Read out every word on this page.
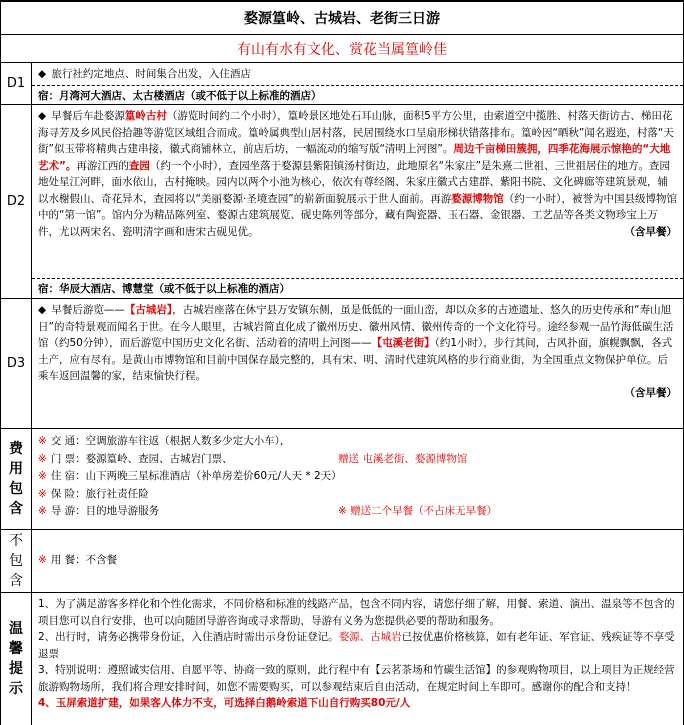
婺源篁岭、古城岩、老街三日游
有山有水有文化、赏花当属篁岭佳
D1
◆ 旅行社约定地点、时间集合出发，入住酒店
宿：月湾河大酒店、太古楼酒店（或不低于以上标准的酒店）
D2
◆ 早餐后车赴婺源篁岭古村（游览时间约二个小时），篁岭景区地处石耳山脉，面积5平方公里，由索道空中揽胜、村落天街访古、梯田花海寻芳及乡风民俗拾趣等游览区域组合而成。篁岭属典型山居村落，民居围绕水口呈扇形梯状错落排布。篁岭因“晒秋”闻名遐迩，村落“天街”似玉带将精典古建串接，徽式商铺林立，前店后坊，一幅流动的缩写版“清明上河图”。周边千亩梯田簇拥，四季花海展示惊艳的“大地艺术”。再游江西的查园（约一个小时），查园坐落于婺源县紫阳镇汤村街边，此地原名“朱家庄”是朱熹二世祖、三世祖居住的地方。查园地处星江河畔，面水依山，古村掩映。园内以两个小池为核心，依次有尊经阁、朱家庄徽式古建群、紫阳书院、文化碑廊等建筑景观，辅以水榭假山、奇花异木，查园将以“美丽婺源·圣境查园”的崭新面貌展示于世人面前。再游婺源博物馆（约一小时），被誉为中国县级博物馆中的“第一馆”。馆内分为精品陈列室、婺源古建筑展览、砚史陈列等部分，藏有陶瓷器、玉石器、金银器、工艺品等各类文物珍宝上万件，尤以两宋名、瓷明清字画和唐宋古砚见优。	（含早餐）
宿：华辰大酒店、博慧堂（或不低于以上标准的酒店）
D3
◆ 早餐后游览——【古城岩】，古城岩座落在休宁县万安镇东侧，虽是低低的一面山峦，却以众多的古迹遗址、悠久的历史传承和“寿山旭日”的奇特景观而闻名于世。在今人眼里，古城岩简直化成了徽州历史、徽州风情、徽州传奇的一个文化符号。途经参观一品竹海低碳生活馆（约50分钟），而后游览中国历史文化名街、活动着的清明上河图——【屯溪老街】（约1小时），步行其间，古风扑面，旗幌飘飘，各式土产，应有尽有。是黄山市博物馆和目前中国保存最完整的，具有宋、明、清时代建筑风格的步行商业街，为全国重点文物保护单位。后乘车返回温馨的家，结束愉快行程。
（含早餐）
费
用
包
含
※ 交 通：空调旅游车往返（根据人数多少定大小车），
※ 门 票：婺源篁岭、查园、古城岩门票、	赠送 屯溪老街、婺源博物馆
※ 住 宿：山下两晚三星标准酒店（补单房差价60元/人天 * 2天）
※ 保 险：旅行社责任险
※ 导 游：目的地导游服务	※ 赠送二个早餐（不占床无早餐）
不
包
含
※ 用 餐：不含餐
温
馨
提
示
1、为了满足游客多样化和个性化需求，不同价格和标准的线路产品，包含不同内容，请您仔细了解，用餐、索道、演出、温泉等不包含的项目您可以自行安排，也可以向随团导游咨询或寻求帮助，导游有义务为您提供必要的帮助和服务。
2、出行时，请务必携带身份证，入住酒店时需出示身份证登记。婺源、古城岩已按优惠价格核算，如有老年证、军官证、残疾证等不享受退票
3、特别说明：遵照诚实信用、自愿平等、协商一致的原则，此行程中有【云茗茶场和竹碳生活馆】的参观购物项目，以上项目为正规经营旅游购物场所，我们将合理安排时间，如您不需要购买，可以参观结束后自由活动，在规定时间上车即可。感谢你的配合和支持！
4、玉屏索道扩建，如果客人体力不支，可选择白鹅岭索道下山自行购买80元/人
